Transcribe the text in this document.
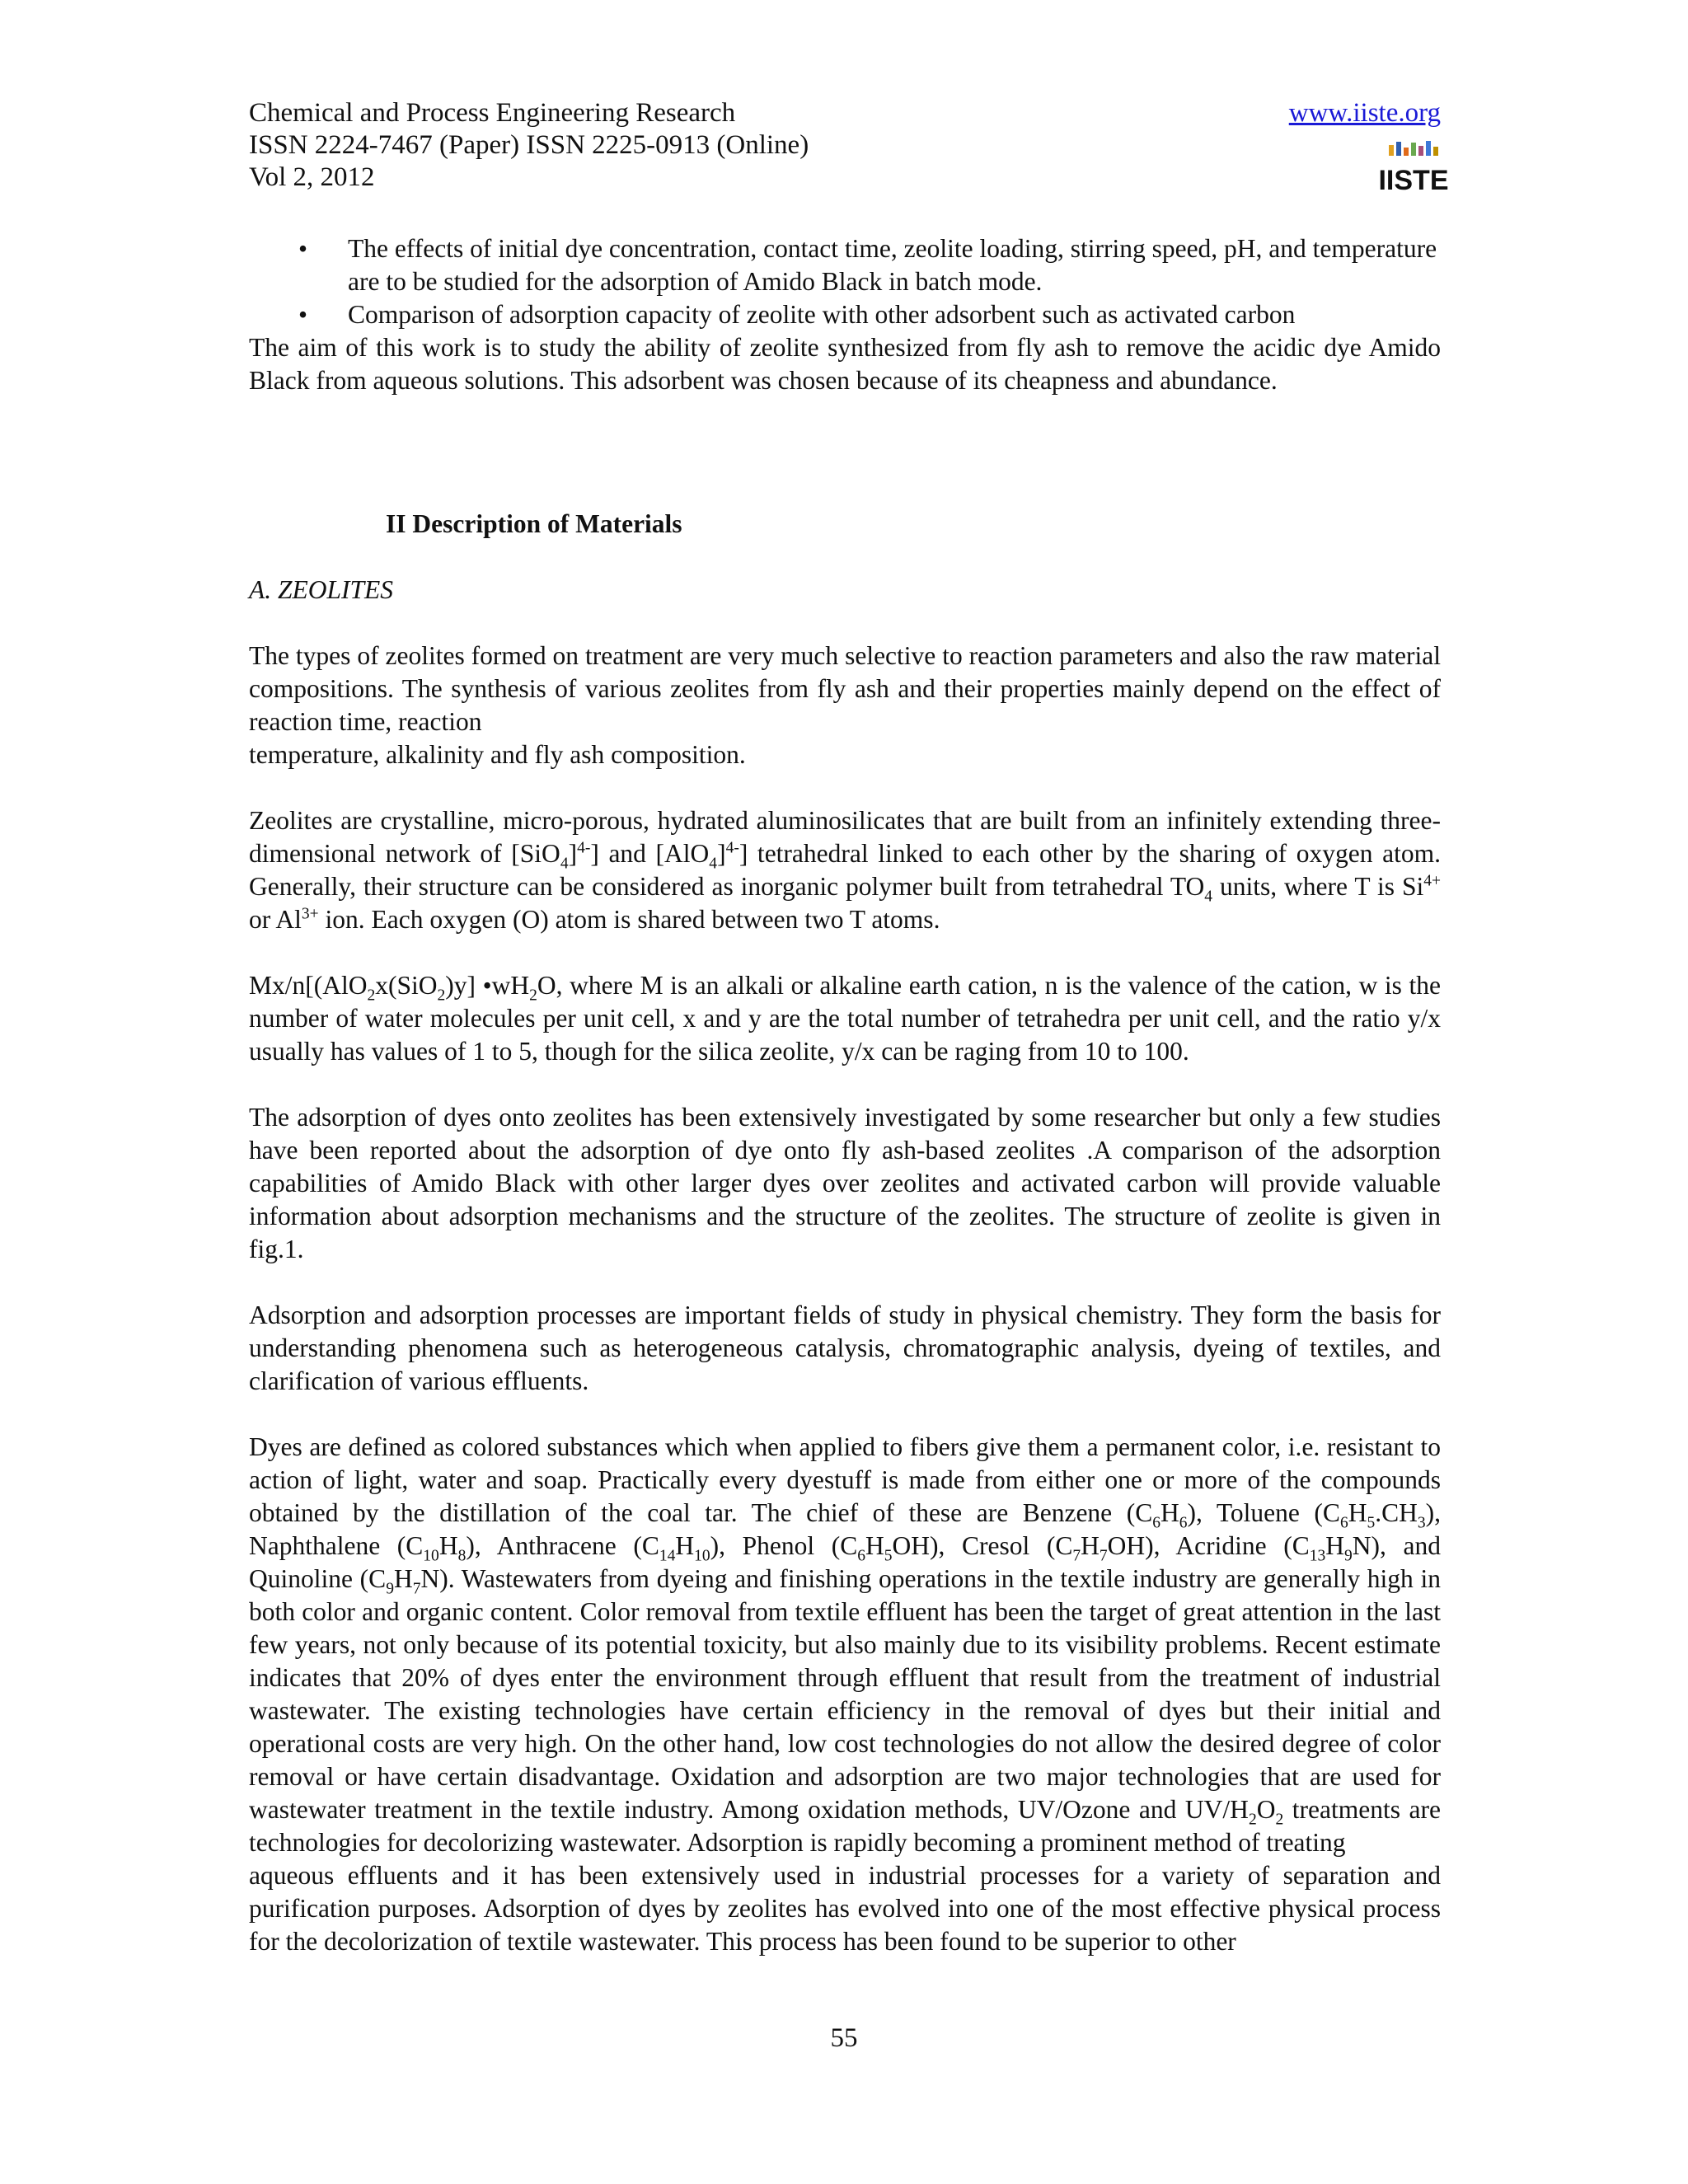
Chemical and Process Engineering Research
ISSN 2224-7467 (Paper) ISSN 2225-0913 (Online)
Vol 2, 2012
www.iiste.org
IISTE
• The effects of initial dye concentration, contact time, zeolite loading, stirring speed, pH, and temperature are to be studied for the adsorption of Amido Black in batch mode.
• Comparison of adsorption capacity of zeolite with other adsorbent such as activated carbon

The aim of this work is to study the ability of zeolite synthesized from fly ash to remove the acidic dye Amido Black from aqueous solutions. This adsorbent was chosen because of its cheapness and abundance.

II Description of Materials
A. ZEOLITES

The types of zeolites formed on treatment are very much selective to reaction parameters and also the raw material compositions. The synthesis of various zeolites from fly ash and their properties mainly depend on the effect of reaction time, reaction

temperature, alkalinity and fly ash composition.

Zeolites are crystalline, micro-porous, hydrated aluminosilicates that are built from an infinitely extending three-dimensional network of $[SiO_4]^{4-}$] and $[AlO_4]^{4-}$] tetrahedral linked to each other by the sharing of oxygen atom. Generally, their structure can be considered as inorganic polymer built from tetrahedral $TO_4$ units, where T is $Si^{4+}$ or $Al^{3+}$ ion. Each oxygen (O) atom is shared between two T atoms.

Mx/n[(AlO$_2$x(SiO$_2$)y] $•wH_2O$, where M is an alkali or alkaline earth cation, n is the valence of the cation, w is the number of water molecules per unit cell, x and y are the total number of tetrahedra per unit cell, and the ratio y/x usually has values of 1 to 5, though for the silica zeolite, y/x can be raging from 10 to 100.

The adsorption of dyes onto zeolites has been extensively investigated by some researcher but only a few studies have been reported about the adsorption of dye onto fly ash-based zeolites .A comparison of the adsorption capabilities of Amido Black with other larger dyes over zeolites and activated carbon will provide valuable information about adsorption mechanisms and the structure of the zeolites. The structure of zeolite is given in fig.1.

Adsorption and adsorption processes are important fields of study in physical chemistry. They form the basis for understanding phenomena such as heterogeneous catalysis, chromatographic analysis, dyeing of textiles, and clarification of various effluents.

Dyes are defined as colored substances which when applied to fibers give them a permanent color, i.e. resistant to action of light, water and soap. Practically every dyestuff is made from either one or more of the compounds obtained by the distillation of the coal tar. The chief of these are Benzene $(C_6H_6)$, Toluene $(C_6H_5.CH_3)$, Naphthalene $(C_{10}H_8)$, Anthracene $(C_{14}H_{10})$, Phenol $(C_6H_5OH)$, Cresol $(C_7H_7OH)$, Acridine $(C_{13}H_9N)$, and Quinoline $(C_9H_7N)$. Wastewaters from dyeing and finishing operations in the textile industry are generally high in both color and organic content. Color removal from textile effluent has been the target of great attention in the last few years, not only because of its potential toxicity, but also mainly due to its visibility problems. Recent estimate indicates that 20% of dyes enter the environment through effluent that result from the treatment of industrial wastewater. The existing technologies have certain efficiency in the removal of dyes but their initial and operational costs are very high. On the other hand, low cost technologies do not allow the desired degree of color removal or have certain disadvantage. Oxidation and adsorption are two major technologies that are used for wastewater treatment in the textile industry. Among oxidation methods, UV/Ozone and $UV/H_2O_2$ treatments are technologies for decolorizing wastewater. Adsorption is rapidly becoming a prominent method of treating

aqueous effluents and it has been extensively used in industrial processes for a variety of separation and purification purposes. Adsorption of dyes by zeolites has evolved into one of the most effective physical process for the decolorization of textile wastewater. This process has been found to be superior to other

55
